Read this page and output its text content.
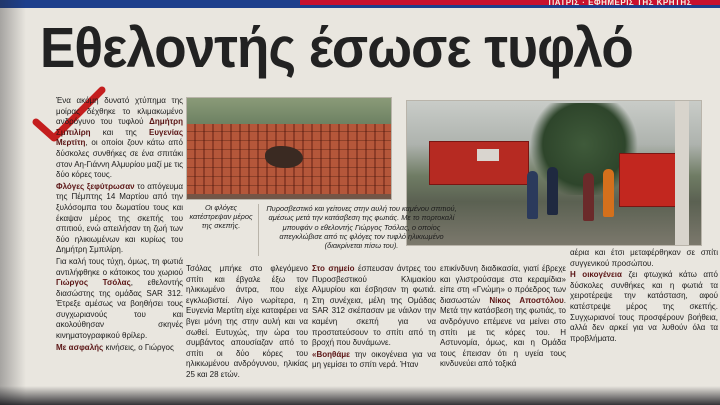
ΠΑΤΡΙΣ · ΕΦΗΜΕΡΙΣ ΤΗΣ ΚΡΗΤΗΣ
Εθελοντής έσωσε τυφλό

Ένα ακόμη δυνατό χτύπημα της μοίρας δέχθηκε το κλιμακωμένο ανδρόγυνο του τυφλού Δημήτρη Σμπιλίρη και της Ευγενίας Μερτίτη, οι οποίοι ζουν κάτω από δύσκολες συνθήκες σε ένα σπιτάκι στον Αη-Γιάννη Αλμυρίου μαζί με τις δύο κόρες τους.

Φλόγες ξεφύτρωσαν το απόγευμα της Πέμπτης 14 Μαρτίου από την ξυλόσομπα του δωματίου τους και έκαψαν μέρος της σκεπής του σπιτιού, ενώ απειλήσαν τη ζωή των δύο ηλικιωμένων και κυρίως του Δημήτρη Σμπιλίρη.

Για καλή τους τύχη, όμως, τη φωτιά αντιλήφθηκε ο κάτοικος του χωριού Γιώργος Τσόλας, εθελοντής διασώστης της ομάδας SAR 312. Έτρεξε αμέσως να βοηθήσει τους συγχωριανούς του και ακολούθησαν σκηνές κινηματογραφικού θρίλερ.

Με ασφαλής κινήσεις, ο Γιώργος

Οι φλόγες κατέστρεψαν μέρος της σκεπής.
Πυροσβεστικό και γείτονες στην αυλή του καμένου σπιτιού, αμέσως μετά την κατάσβεση της φωτιάς. Με το πορτοκαλί μπουφάν ο εθελοντής Γιώργος Τσόλας, ο οποίος απεγκλώβισε από τις φλόγες τον τυφλό ηλικιωμένο (διακρίνεται πίσω του).

Τσόλας μπήκε στο φλεγόμενο σπίτι και έβγαλε έξω τον ηλικιωμένο άντρα, που είχε εγκλωβιστεί. Λίγο νωρίτερα, η Ευγενία Μερτίτη είχε καταφέρει να βγει μόνη της στην αυλή και να σωθεί. Ευτυχώς, την ώρα του συμβάντος απουσίαζαν από το σπίτι οι δύο κόρες του ηλικιωμένου ανδρόγυνου, ηλικίας 25 και 28 ετών.

Στο σημείο έσπευσαν άντρες του Πυροσβεστικού Κλιμακίου Αλμυρίου και έσβησαν τη φωτιά. Στη συνέχεια, μέλη της Ομάδας SAR 312 σκέπασαν με νάιλον την καμένη σκεπή για να προστατεύσουν το σπίτι από τη βροχή που δυνάμωνε.

«Βοηθάμε την οικογένεια για να μη γεμίσει το σπίτι νερά. Ήταν

επικίνδυνη διαδικασία, γιατί έβρεχε και γλιστρούσαμε στα κεραμίδια» είπε στη «Γνώμη» ο πρόεδρος των διασωστών Νίκος Αποστόλου. Μετά την κατάσβεση της φωτιάς, το ανδρόγυνο επέμενε να μείνει στο σπίτι με τις κόρες του. Η Αστυνομία, όμως, και η Ομάδα τους έπεισαν ότι η υγεία τους κινδυνεύει από τοξικά

αέρια και έτσι μεταφέρθηκαν σε σπίτι συγγενικού προσώπου.

Η οικογένεια ζει φτωχικά κάτω από δύσκολες συνθήκες και η φωτιά τα χειροτέρεψε την κατάσταση, αφού κατέστρεψε μέρος της σκεπής. Συγχωριανοί τους προσφέρουν βοήθεια, αλλά δεν αρκεί για να λυθούν όλα τα προβλήματα.
